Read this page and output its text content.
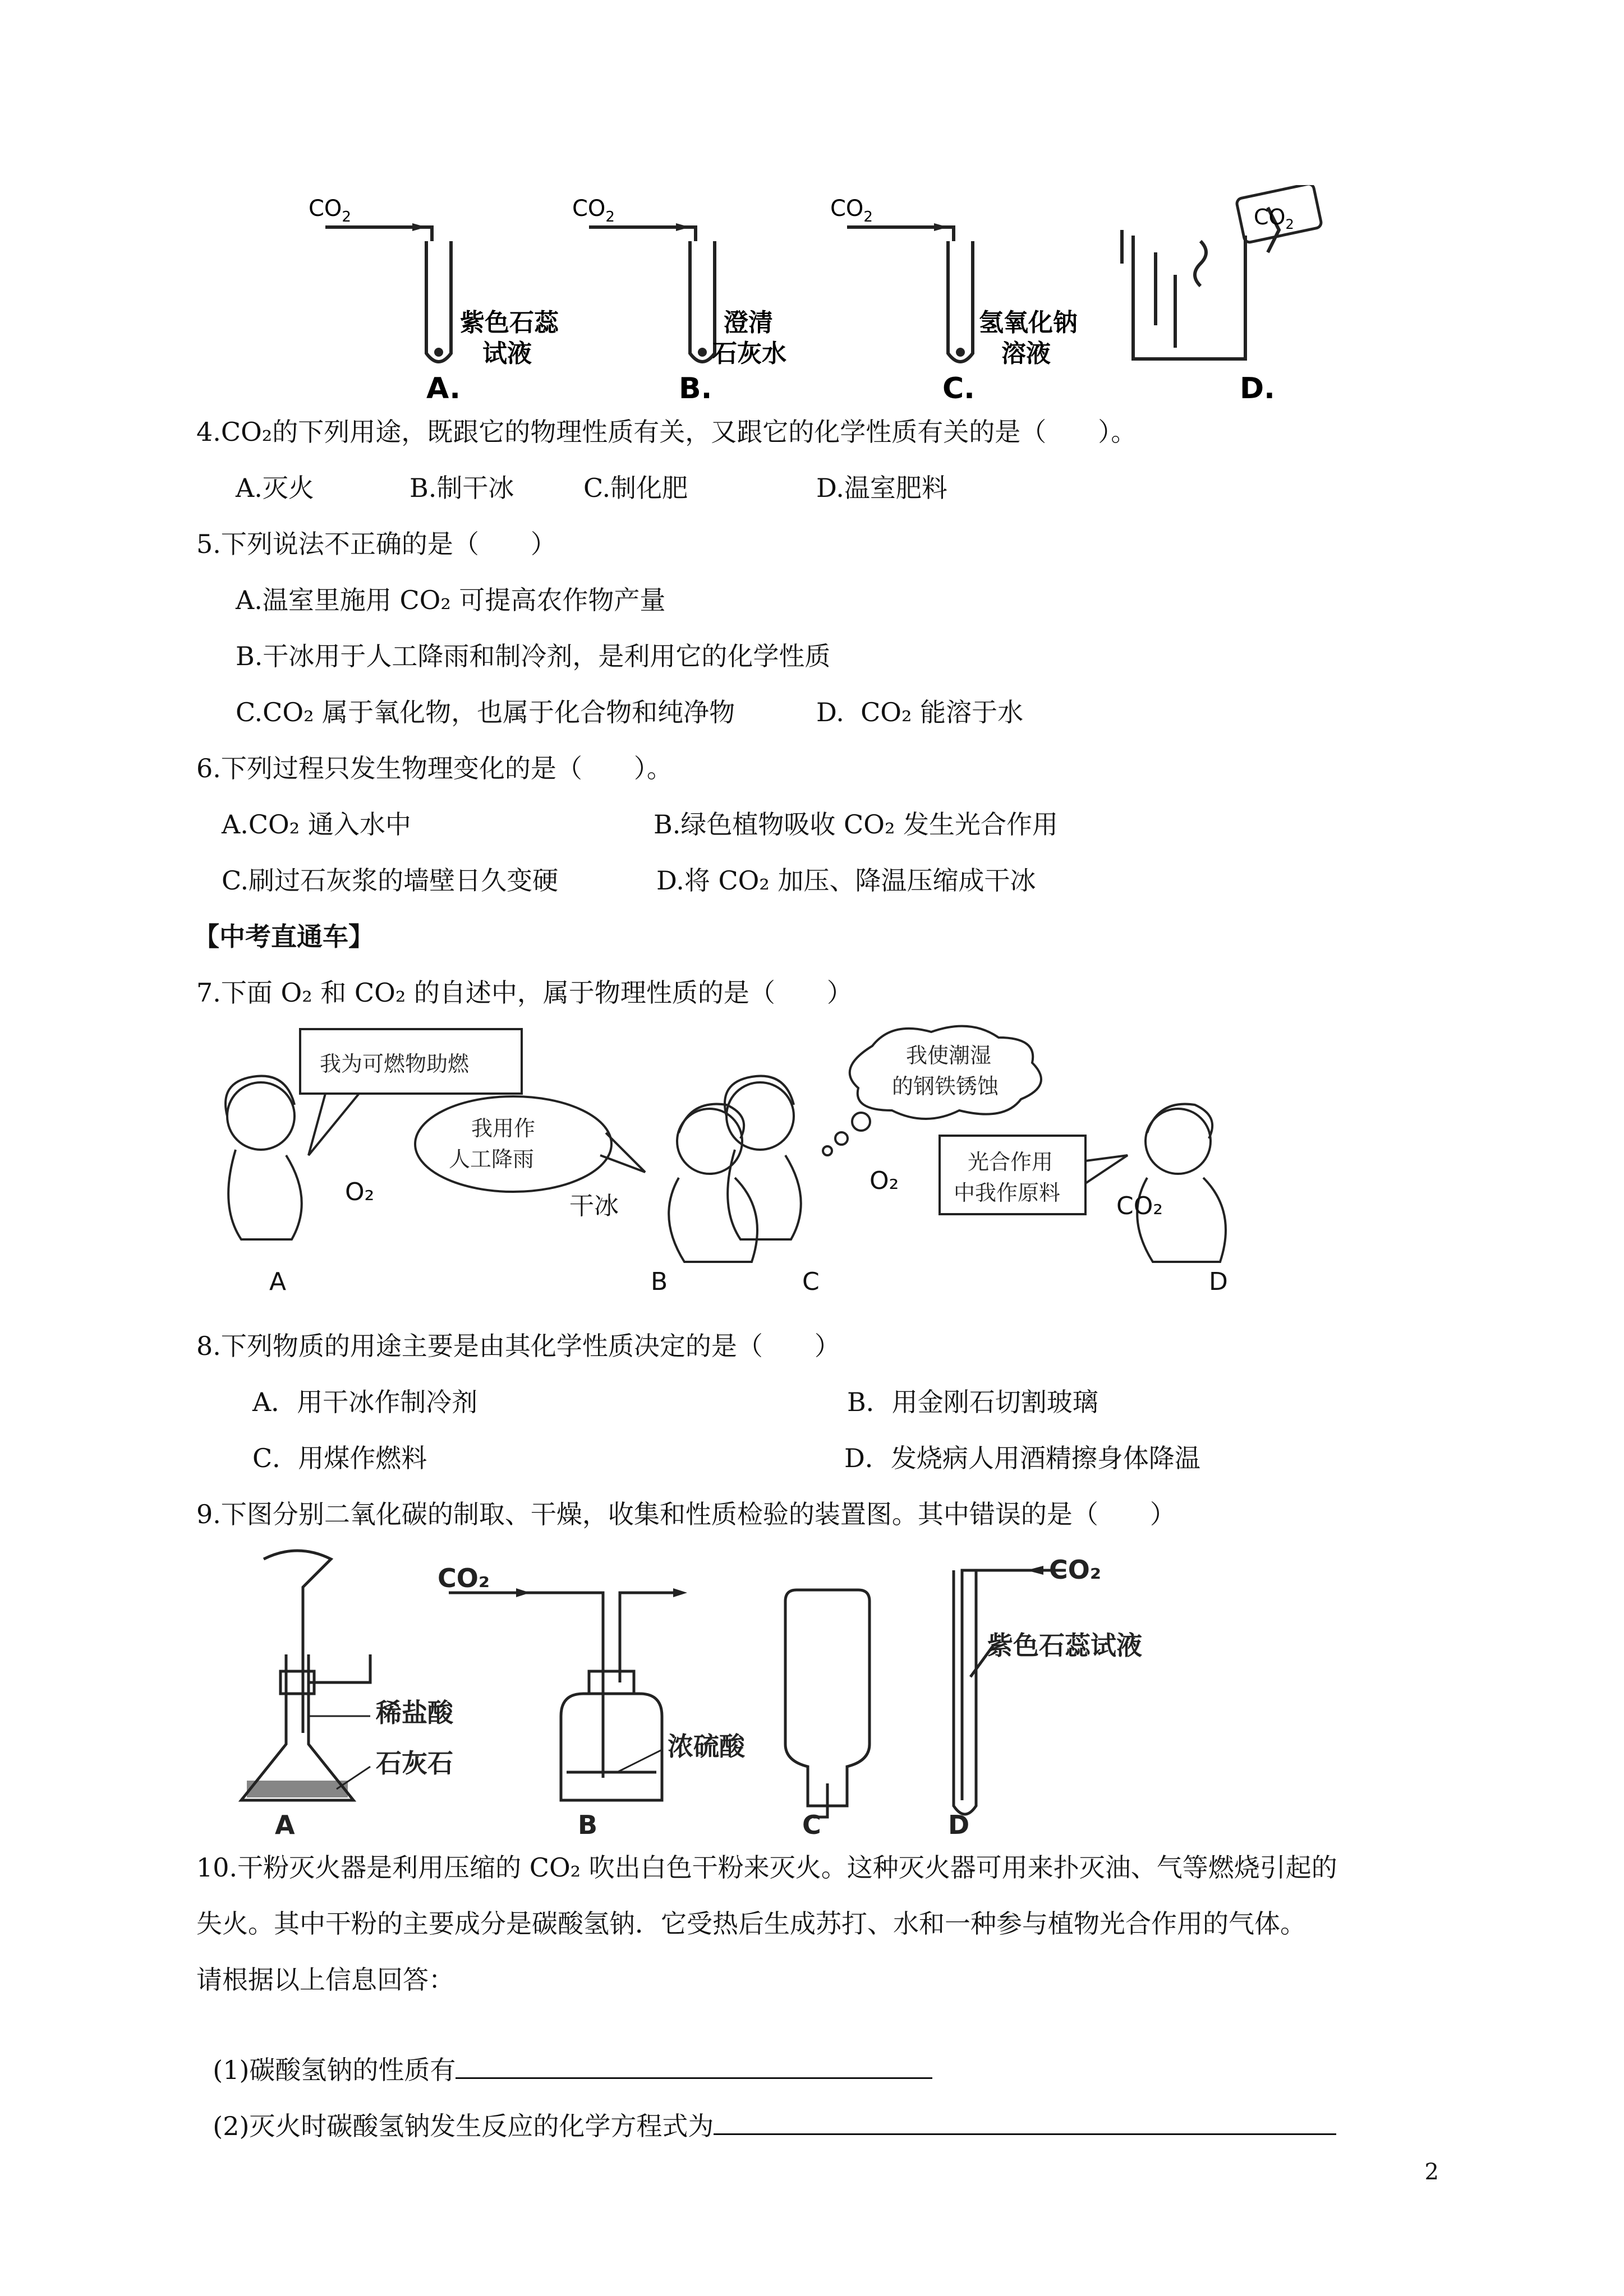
$CO_2$	$CO_2$	$CO_2$
紫色石蕊
试液
A.
澄清
石灰水
B.
氢氧化钠
溶液
C.
$CO_2$
D.
4.CO₂的下列用途，既跟它的物理性质有关，又跟它的化学性质有关的是（　　）。
A.灭火	B.制干冰	C.制化肥	D.温室肥料
5.下列说法不正确的是（　　）
A.温室里施用 CO₂ 可提高农作物产量
B.干冰用于人工降雨和制冷剂，是利用它的化学性质
C.CO₂ 属于氧化物，也属于化合物和纯净物	D.  CO₂ 能溶于水
6.下列过程只发生物理变化的是（　　）。
A.CO₂ 通入水中	B.绿色植物吸收 CO₂ 发生光合作用
C.刷过石灰浆的墙壁日久变硬	D.将 CO₂ 加压、降温压缩成干冰
【中考直通车】
7.下面 O₂ 和 CO₂ 的自述中，属于物理性质的是（　　）
我为可燃物助燃
我用作
人工降雨
我使潮湿
的钢铁锈蚀
光合作用
中我作原料
O₂	干冰
O₂
CO₂
A	B	C	D
8.下列物质的用途主要是由其化学性质决定的是（　　）
A．用干冰作制冷剂	B．用金刚石切割玻璃
C．用煤作燃料	D．发烧病人用酒精擦身体降温
9.下图分别二氧化碳的制取、干燥，收集和性质检验的装置图。其中错误的是（　　）
稀盐酸
石灰石
浓硫酸
紫色石蕊试液
CO₂	CO₂
A	B	C	D
10.干粉灭火器是利用压缩的 CO₂ 吹出白色干粉来灭火。这种灭火器可用来扑灭油、气等燃烧引起的
失火。其中干粉的主要成分是碳酸氢钠．它受热后生成苏打、水和一种参与植物光合作用的气体。
请根据以上信息回答：

(1)碳酸氢钠的性质有

(2)灭火时碳酸氢钠发生反应的化学方程式为

2
